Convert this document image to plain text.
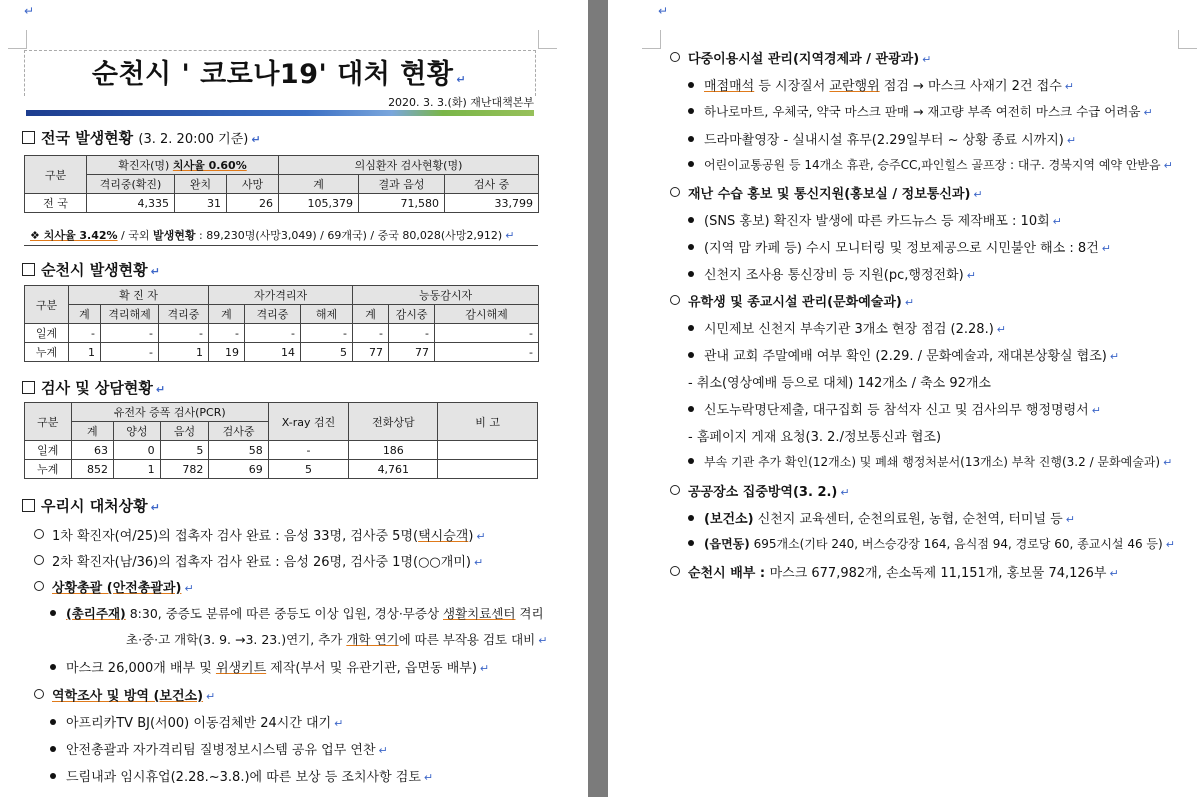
↵
순천시 ' 코로나19' 대처 현황 ↵
2020. 3. 3.(화) 재난대책본부
전국 발생현황 (3. 2. 20:00 기준) ↵
구분	확진자(명) 치사율 0.60%			의심환자 검사현황(명)		
	격리중(확진)	완치	사망	계	결과 음성	검사 중
전 국	4,335	31	26	105,379	71,580	33,799
❖ 치사율 3.42% / 국외 발생현황 : 89,230명(사망3,049) / 69개국) / 중국 80,028(사망2,912) ↵
순천시 발생현황 ↵
구분	확 진 자			자가격리자			능동감시자		
	계	격리해제	격리중	계	격리중	해제	계	감시중	감시해제
일계	-	-	-	-	-	-	-	-	-
누계	1	-	1	19	14	5	77	77	-
검사 및 상담현황 ↵
구분	유전자 증폭 검사(PCR)				X-ray 검진	전화상담	비 고
	계	양성	음성	검사중			
일계	63	0	5	58	-	186	
누계	852	1	782	69	5	4,761	
우리시 대처상황 ↵
1차 확진자(여/25)의 접촉자 검사 완료 : 음성 33명, 검사중 5명(택시승객) ↵
2차 확진자(남/36)의 접촉자 검사 완료 : 음성 26명, 검사중 1명(○○개미) ↵
상황총괄 (안전총괄과) ↵
(총리주재) 8:30, 중증도 분류에 따른 중등도 이상 입원, 경상·무증상 생활치료센터 격리
초·중·고 개학(3. 9. →3. 23.)연기, 추가 개학 연기에 따른 부작용 검토 대비 ↵
마스크 26,000개 배부 및 위생키트 제작(부서 및 유관기관, 읍면동 배부) ↵
역학조사 및 방역 (보건소) ↵
아프리카TV BJ(서00) 이동검체반 24시간 대기 ↵
안전총괄과 자가격리팀 질병정보시스템 공유 업무 연찬 ↵
드림내과 임시휴업(2.28.~3.8.)에 따른 보상 등 조치사항 검토 ↵
↵
다중이용시설 관리(지역경제과 / 관광과) ↵
매점매석 등 시장질서 교란행위 점검 → 마스크 사재기 2건 접수 ↵
하나로마트, 우체국, 약국 마스크 판매 → 재고량 부족 여전히 마스크 수급 어려움 ↵
드라마촬영장 - 실내시설 휴무(2.29일부터 ~ 상황 종료 시까지) ↵
어린이교통공원 등 14개소 휴관, 승주CC,파인힐스 골프장 : 대구. 경북지역 예약 안받음 ↵
재난 수습 홍보 및 통신지원(홍보실 / 정보통신과) ↵
(SNS 홍보) 확진자 발생에 따른 카드뉴스 등 제작배포 : 10회 ↵
(지역 맘 카페 등) 수시 모니터링 및 정보제공으로 시민불안 해소 : 8건 ↵
신천지 조사용 통신장비 등 지원(pc,행정전화) ↵
유학생 및 종교시설 관리(문화예술과) ↵
시민제보 신천지 부속기관 3개소 현장 점검 (2.28.) ↵
관내 교회 주말예배 여부 확인 (2.29. / 문화예술과, 재대본상황실 협조) ↵
- 취소(영상예배 등으로 대체) 142개소 / 축소 92개소
신도누락명단제출, 대구집회 등 참석자 신고 및 검사의무 행정명령서 ↵
- 홈페이지 게재 요청(3. 2./정보통신과 협조)
부속 기관 추가 확인(12개소) 및 폐쇄 행정처분서(13개소) 부착 진행(3.2 / 문화예술과) ↵
공공장소 집중방역(3. 2.) ↵
(보건소) 신천지 교육센터, 순천의료원, 농협, 순천역, 터미널 등 ↵
(읍면동) 695개소(기타 240, 버스승강장 164, 음식점 94, 경로당 60, 종교시설 46 등) ↵
순천시 배부 : 마스크 677,982개, 손소독제 11,151개, 홍보물 74,126부 ↵
